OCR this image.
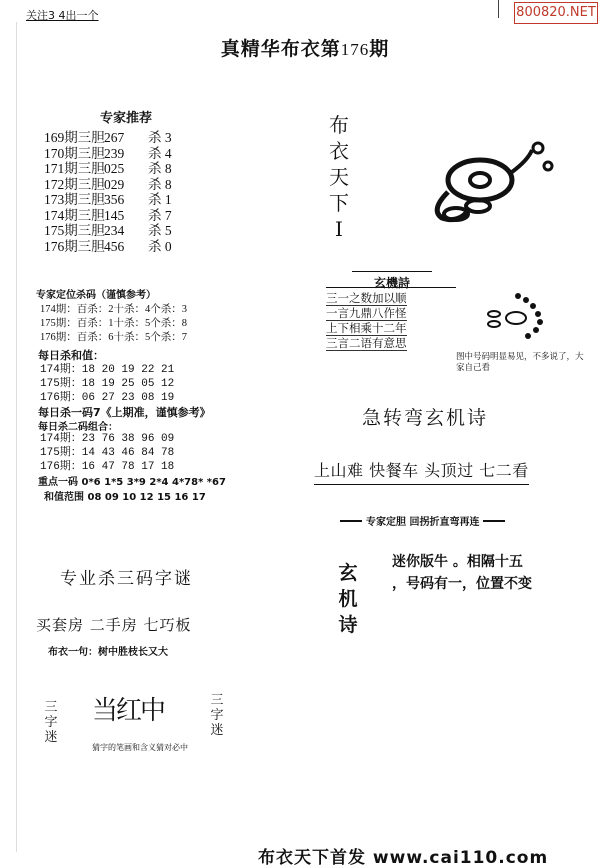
800820.NET
关注3 4出一个
真精华布衣第176期
专家推荐
169期三胆 267	杀 3
170期三胆 239	杀 4
171期三胆 025	杀 8
172期三胆 029	杀 8
173期三胆 356	杀 1
174期三胆 145	杀 7
175期三胆 234	杀 5
176期三胆 456	杀 0
专家定位杀码（谨慎参考）
174期：百杀：2十杀：4个杀：3
175期：百杀：1十杀：5个杀：8
176期：百杀：6十杀：5个杀：7
每日杀和值：
174期：18 20 19 22 21
175期：18 19 25 05 12
176期：06 27 23 08 19
每日杀一码7《上期准，谨慎参考》
每日杀二码组合：
174期：23 76 38 96 09
175期：14 43 46 84 78
176期：16 47 78 17 18
重点一码 0*6 1*5 3*9 2*4 4*78* *67
和值范围 08 09 10 12 15 16 17
专业杀三码字谜
买套房 二手房 七巧板
布衣一句：树中胜枝长又大
三字迷
当红中	三字迷
猜字的笔画和含义猜对必中
布
衣
天
下
I
玄機詩
三一之数加以顺
一言九鼎八作怪
上下相乘十二年
三言二语有意思
图中号码明显易见，不多说了，大家自己看
急转弯玄机诗
上山难 快餐车 头顶过 七二看
专家定胆 回拐折直弯再连
玄
机
诗
迷你版牛 。相隔十五
，号码有一，位置不变
布衣天下首发 www.cai110.com
